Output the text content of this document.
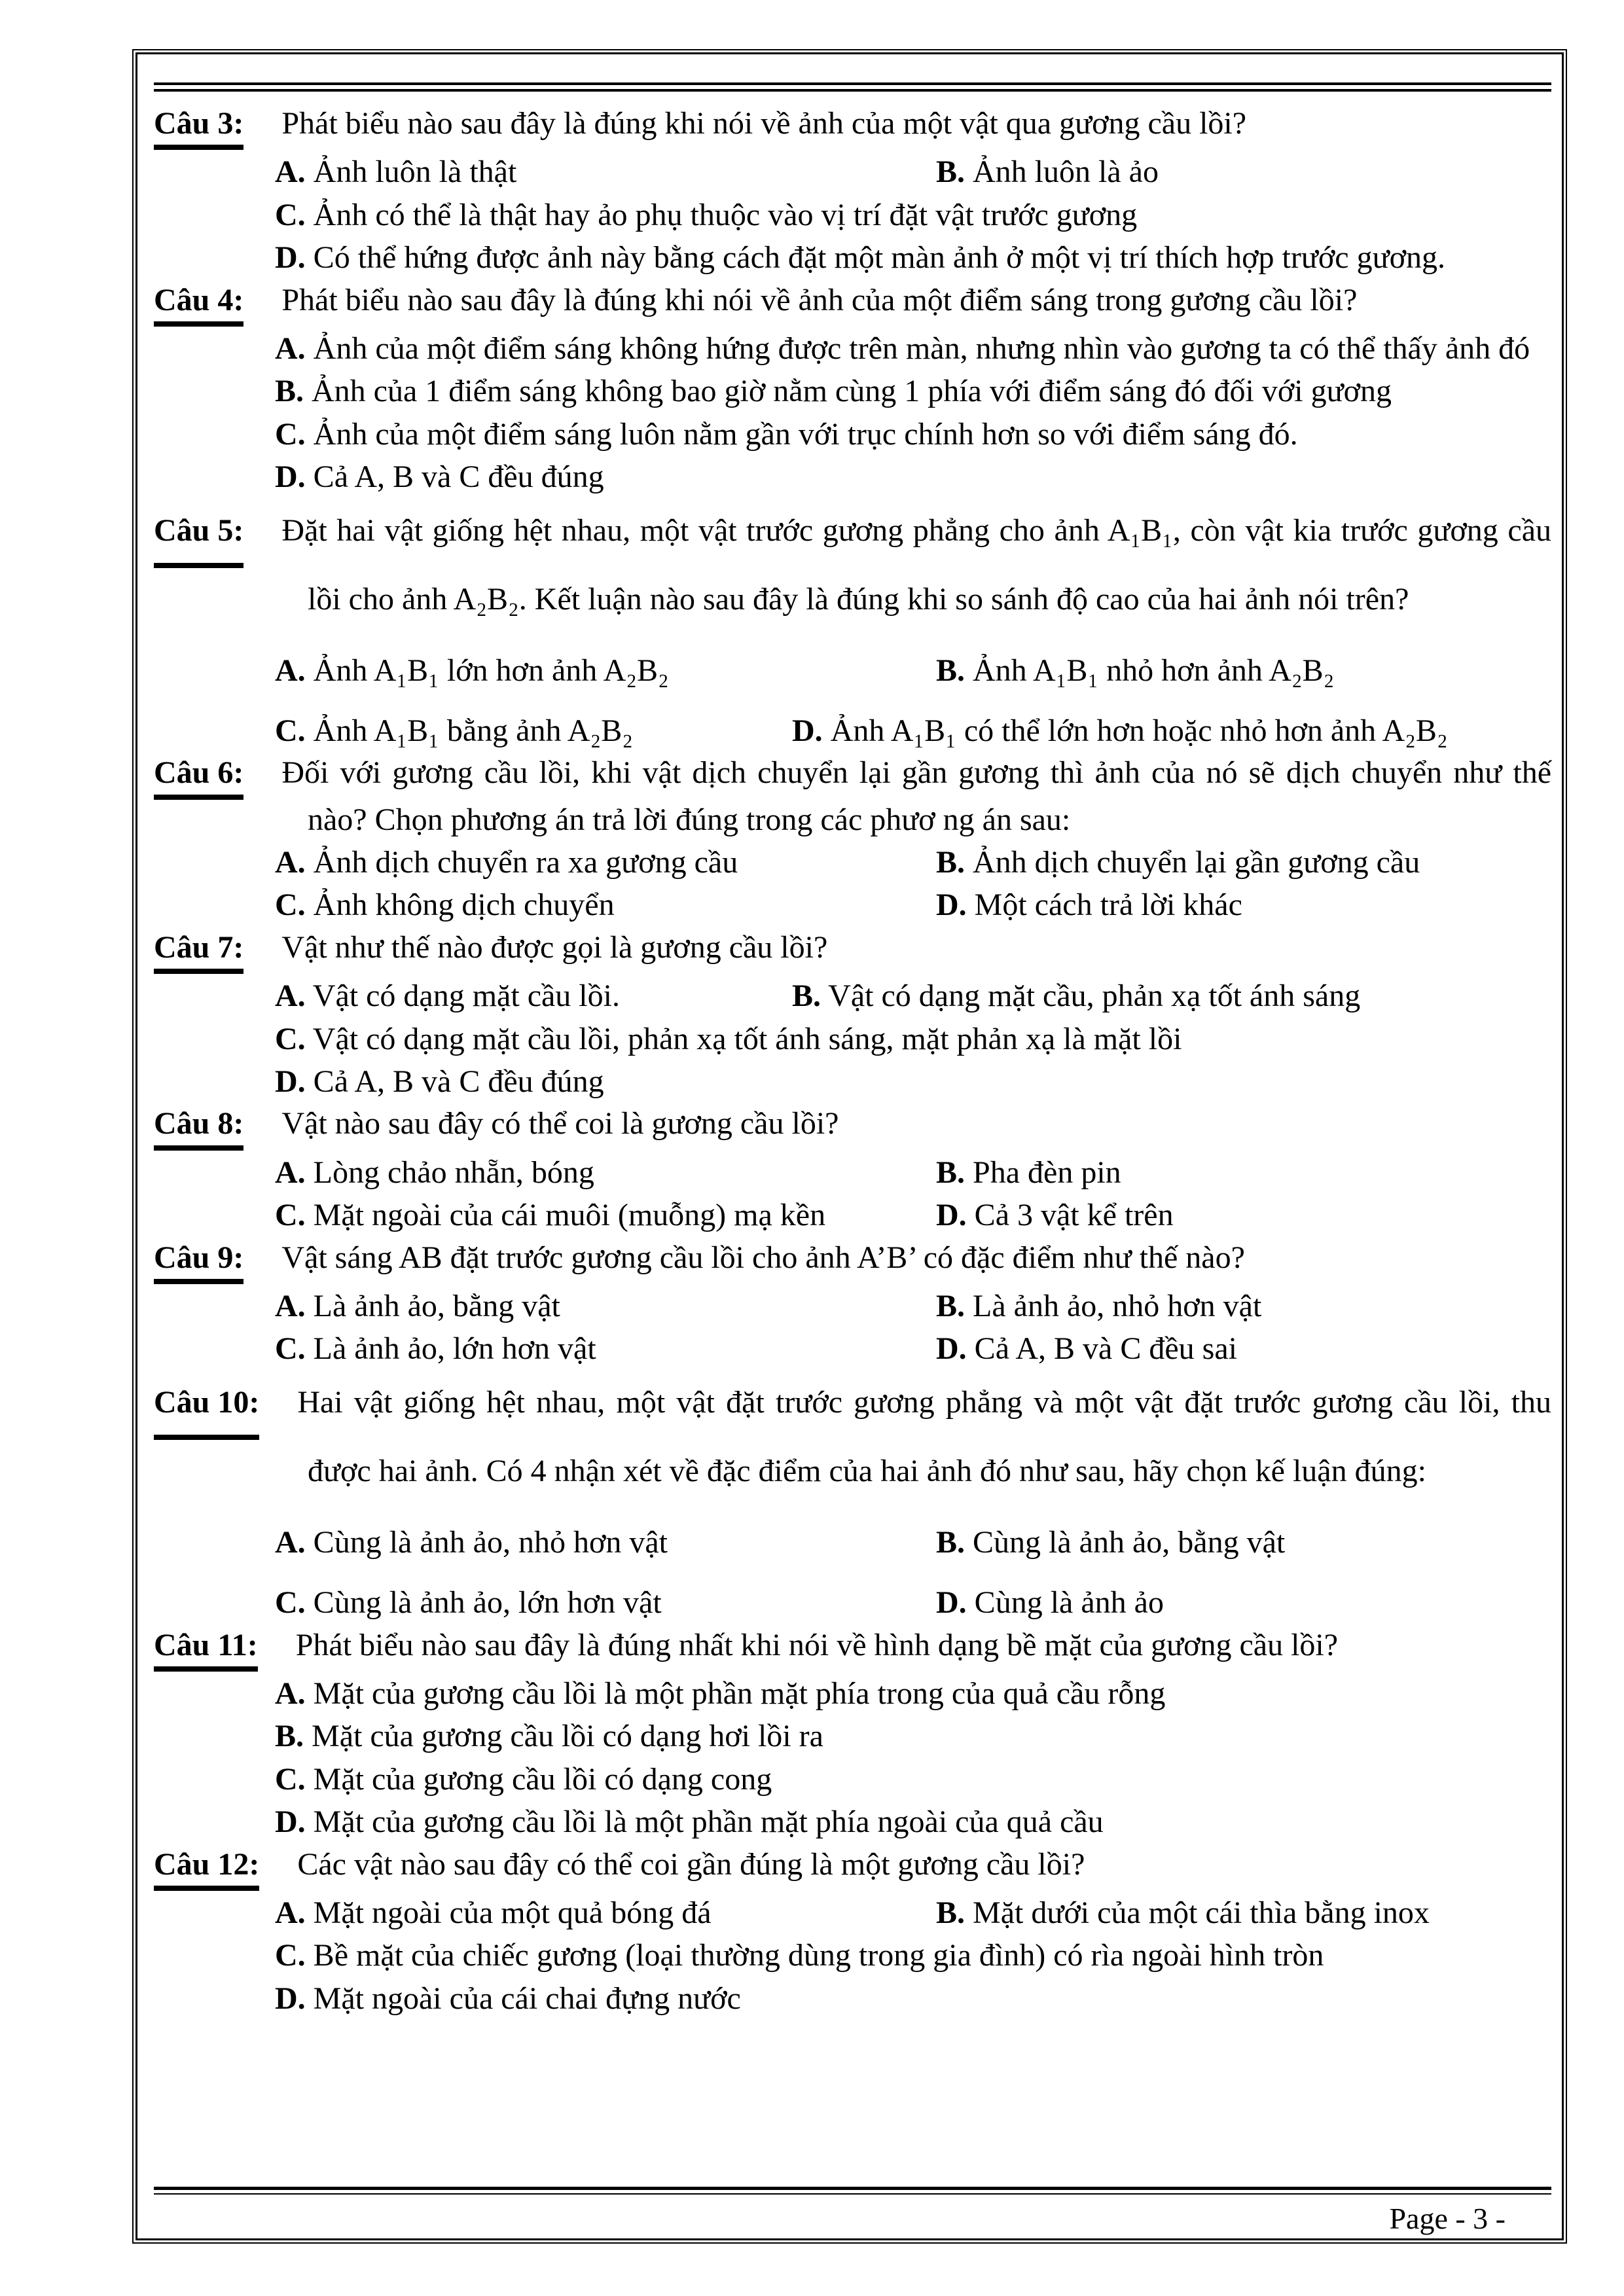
Câu 3: Phát biểu nào sau đây là đúng khi nói về ảnh của một vật qua gương cầu lồi?

A. Ảnh luôn là thật	B. Ảnh luôn là ảo
C. Ảnh có thể là thật hay ảo phụ thuộc vào vị trí đặt vật trước gương
D. Có thể hứng được ảnh này bằng cách đặt một màn ảnh ở một vị trí thích hợp trước gương.

Câu 4: Phát biểu nào sau đây là đúng khi nói về ảnh của một điểm sáng trong gương cầu lồi?

A. Ảnh của một điểm sáng không hứng được trên màn, nhưng nhìn vào gương ta có thể thấy ảnh đó
B. Ảnh của 1 điểm sáng không bao giờ nằm cùng 1 phía với điểm sáng đó đối với gương
C. Ảnh của một điểm sáng luôn nằm gần với trục chính hơn so với điểm sáng đó.
D. Cả A, B và C đều đúng

Câu 5: Đặt hai vật giống hệt nhau, một vật trước gương phẳng cho ảnh A₁B₁, còn vật kia trước gương cầu lồi cho ảnh A₂B₂. Kết luận nào sau đây là đúng khi so sánh độ cao của hai ảnh nói trên?

A. Ảnh A₁B₁ lớn hơn ảnh A₂B₂	B. Ảnh A₁B₁ nhỏ hơn ảnh A₂B₂
C. Ảnh A₁B₁ bằng ảnh A₂B₂	D. Ảnh A₁B₁ có thể lớn hơn hoặc nhỏ hơn ảnh A₂B₂

Câu 6: Đối với gương cầu lồi, khi vật dịch chuyển lại gần gương thì ảnh của nó sẽ dịch chuyển như thế nào? Chọn phương án trả lời đúng trong các phươ ng án sau:

A. Ảnh dịch chuyển ra xa gương cầu	B. Ảnh dịch chuyển lại gần gương cầu
C. Ảnh không dịch chuyển	D. Một cách trả lời khác

Câu 7: Vật như thế nào được gọi là gương cầu lồi?

A. Vật có dạng mặt cầu lồi.	B. Vật có dạng mặt cầu, phản xạ tốt ánh sáng
C. Vật có dạng mặt cầu lồi, phản xạ tốt ánh sáng, mặt phản xạ là mặt lồi
D. Cả A, B và C đều đúng

Câu 8: Vật nào sau đây có thể coi là gương cầu lồi?

A. Lòng chảo nhẵn, bóng	B. Pha đèn pin
C. Mặt ngoài của cái muôi (muỗng) mạ kền	D. Cả 3 vật kể trên

Câu 9: Vật sáng AB đặt trước gương cầu lồi cho ảnh A’B’ có đặc điểm như thế nào?

A. Là ảnh ảo, bằng vật	B. Là ảnh ảo, nhỏ hơn vật
C. Là ảnh ảo, lớn hơn vật	D. Cả A, B và C đều sai

Câu 10: Hai vật giống hệt nhau, một vật đặt trước gương phẳng và một vật đặt trước gương cầu lồi, thu được hai ảnh. Có 4 nhận xét về đặc điểm của hai ảnh đó như sau, hãy chọn kế luận đúng:

A. Cùng là ảnh ảo, nhỏ hơn vật	B. Cùng là ảnh ảo, bằng vật
C. Cùng là ảnh ảo, lớn hơn vật	D. Cùng là ảnh ảo

Câu 11: Phát biểu nào sau đây là đúng nhất khi nói về hình dạng bề mặt của gương cầu lồi?

A. Mặt của gương cầu lồi là một phần mặt phía trong của quả cầu rỗng
B. Mặt của gương cầu lồi có dạng hơi lồi ra
C. Mặt của gương cầu lồi có dạng cong
D. Mặt của gương cầu lồi là một phần mặt phía ngoài của quả cầu

Câu 12: Các vật nào sau đây có thể coi gần đúng là một gương cầu lồi?

A. Mặt ngoài của một quả bóng đá	B. Mặt dưới của một cái thìa bằng inox
C. Bề mặt của chiếc gương (loại thường dùng trong gia đình) có rìa ngoài hình tròn
D. Mặt ngoài của cái chai đựng nước

Page - 3 -
